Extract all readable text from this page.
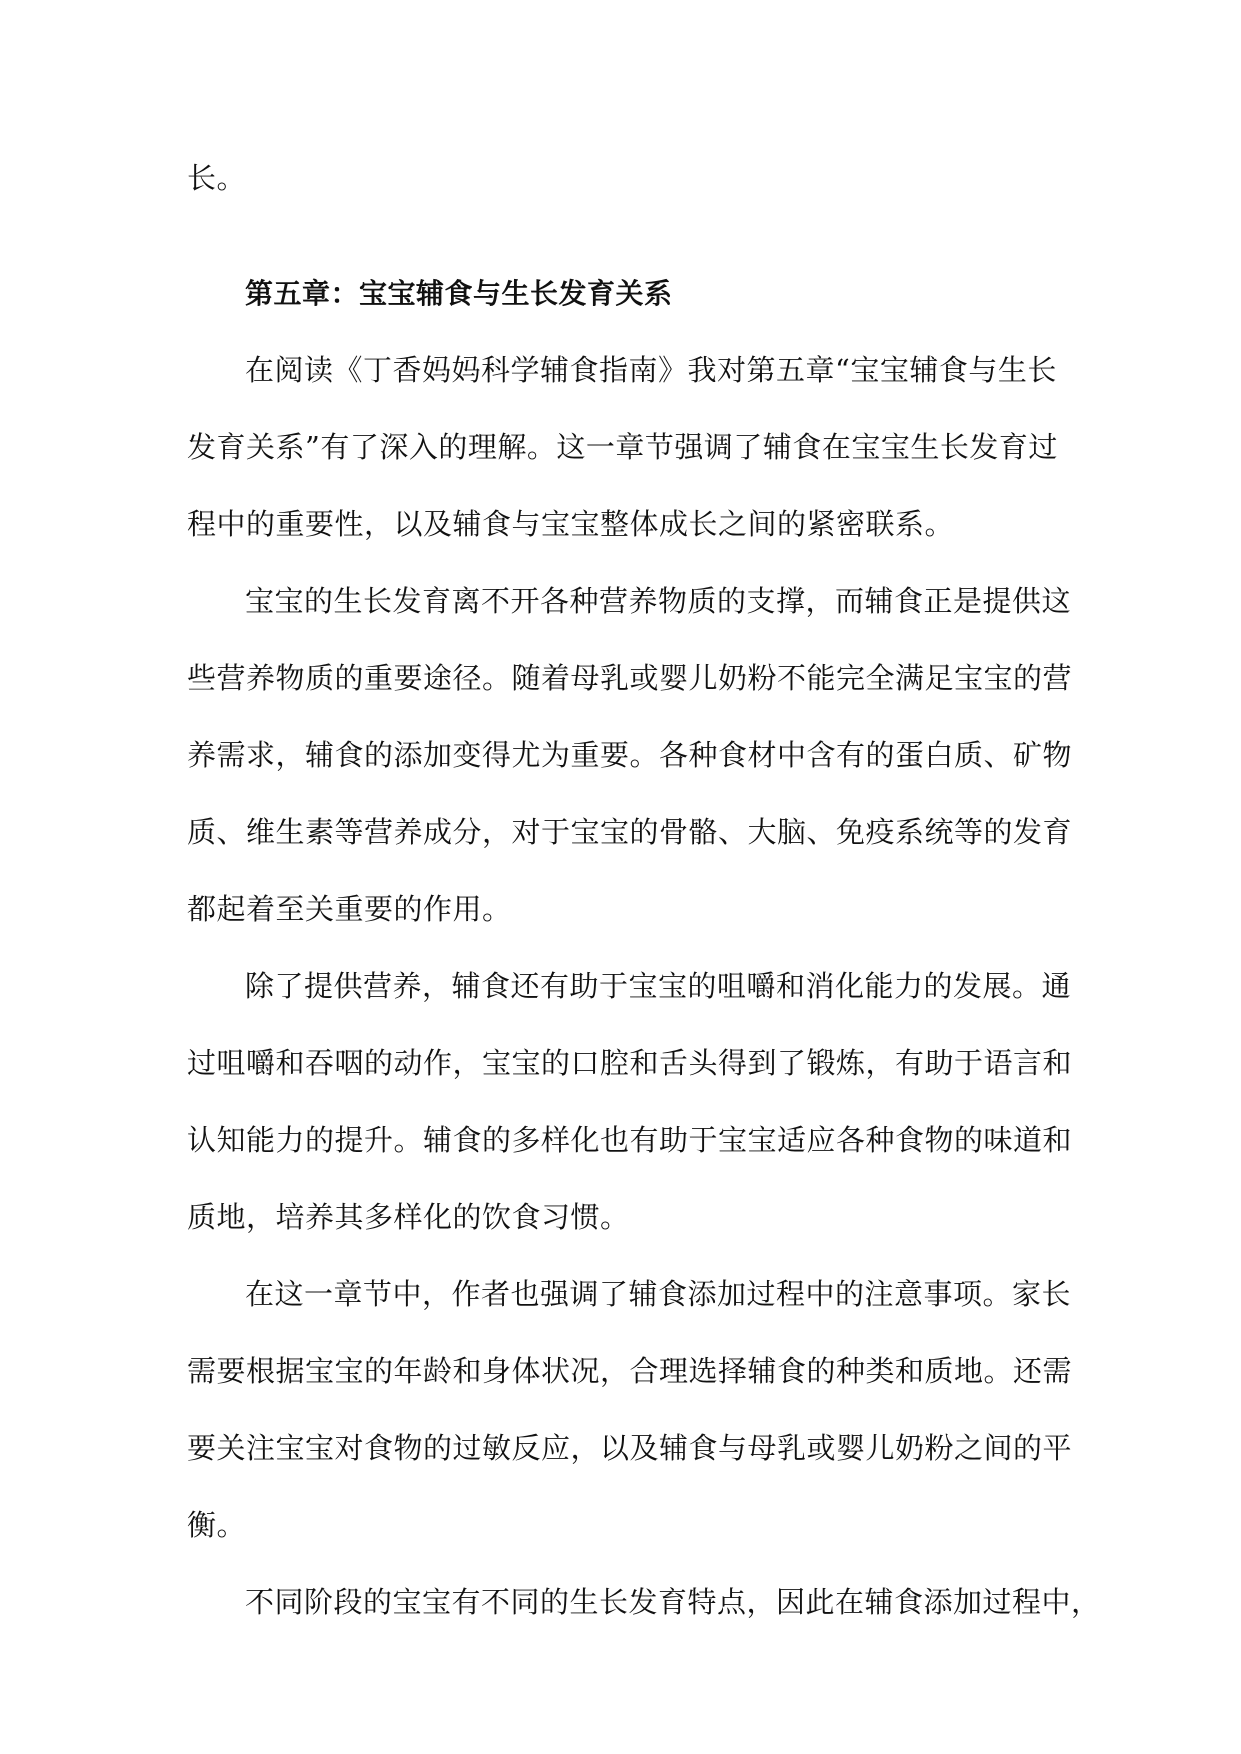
长。
第五章：宝宝辅食与生长发育关系
在阅读《丁香妈妈科学辅食指南》我对第五章“宝宝辅食与生长
发育关系”有了深入的理解。这一章节强调了辅食在宝宝生长发育过
程中的重要性，以及辅食与宝宝整体成长之间的紧密联系。
宝宝的生长发育离不开各种营养物质的支撑，而辅食正是提供这
些营养物质的重要途径。随着母乳或婴儿奶粉不能完全满足宝宝的营
养需求，辅食的添加变得尤为重要。各种食材中含有的蛋白质、矿物
质、维生素等营养成分，对于宝宝的骨骼、大脑、免疫系统等的发育
都起着至关重要的作用。
除了提供营养，辅食还有助于宝宝的咀嚼和消化能力的发展。通
过咀嚼和吞咽的动作，宝宝的口腔和舌头得到了锻炼，有助于语言和
认知能力的提升。辅食的多样化也有助于宝宝适应各种食物的味道和
质地，培养其多样化的饮食习惯。
在这一章节中，作者也强调了辅食添加过程中的注意事项。家长
需要根据宝宝的年龄和身体状况，合理选择辅食的种类和质地。还需
要关注宝宝对食物的过敏反应，以及辅食与母乳或婴儿奶粉之间的平
衡。
不同阶段的宝宝有不同的生长发育特点，因此在辅食添加过程中，
